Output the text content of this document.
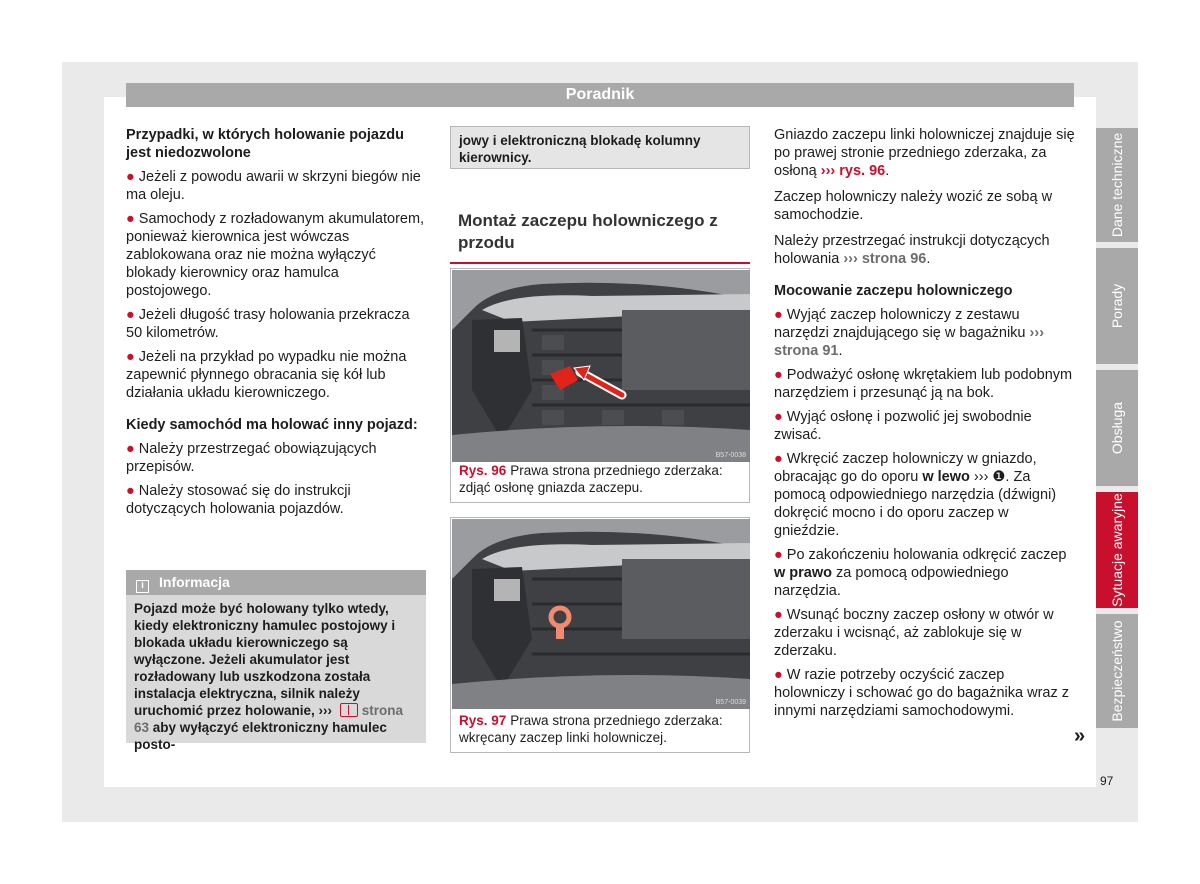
Poradnik
Przypadki, w których holowanie pojazdu jest niedozwolone
● Jeżeli z powodu awarii w skrzyni biegów nie ma oleju.
● Samochody z rozładowanym akumulatorem, ponieważ kierownica jest wówczas zablokowana oraz nie można wyłączyć blokady kierownicy oraz hamulca postojowego.
● Jeżeli długość trasy holowania przekracza 50 kilometrów.
● Jeżeli na przykład po wypadku nie można zapewnić płynnego obracania się kół lub działania układu kierowniczego.
Kiedy samochód ma holować inny pojazd:
● Należy przestrzegać obowiązujących przepisów.
● Należy stosować się do instrukcji dotyczących holowania pojazdów.
i Informacja
Pojazd może być holowany tylko wtedy, kiedy elektroniczny hamulec postojowy i blokada układu kierowniczego są wyłączone. Jeżeli akumulator jest rozładowany lub uszkodzona została instalacja elektryczna, silnik należy uruchomić przez holowanie, ››› strona 63 aby wyłączyć elektroniczny hamulec posto-
jowy i elektroniczną blokadę kolumny kierownicy.
Montaż zaczepu holowniczego z przodu
B57-0038
Rys. 96 Prawa strona przedniego zderzaka: zdjąć osłonę gniazda zaczepu.
B57-0039
Rys. 97 Prawa strona przedniego zderzaka: wkręcany zaczep linki holowniczej.

Gniazdo zaczepu linki holowniczej znajduje się po prawej stronie przedniego zderzaka, za osłoną ››› rys. 96.

Zaczep holowniczy należy wozić ze sobą w samochodzie.

Należy przestrzegać instrukcji dotyczących holowania ››› strona 96.

Mocowanie zaczepu holowniczego
● Wyjąć zaczep holowniczy z zestawu narzędzi znajdującego się w bagażniku ››› strona 91.
● Podważyć osłonę wkrętakiem lub podobnym narzędziem i przesunąć ją na bok.
● Wyjąć osłonę i pozwolić jej swobodnie zwisać.
● Wkręcić zaczep holowniczy w gniazdo, obracając go do oporu w lewo ››› ❶. Za pomocą odpowiedniego narzędzia (dźwigni) dokręcić mocno i do oporu zaczep w gnieździe.
● Po zakończeniu holowania odkręcić zaczep w prawo za pomocą odpowiedniego narzędzia.
● Wsunąć boczny zaczep osłony w otwór w zderzaku i wcisnąć, aż zablokuje się w zderzaku.
● W razie potrzeby oczyścić zaczep holowniczy i schować go do bagażnika wraz z innymi narzędziami samochodowymi.
»
Dane techniczne
Porady
Obsługa
Sytuacje awaryjne
Bezpieczeństwo
97
